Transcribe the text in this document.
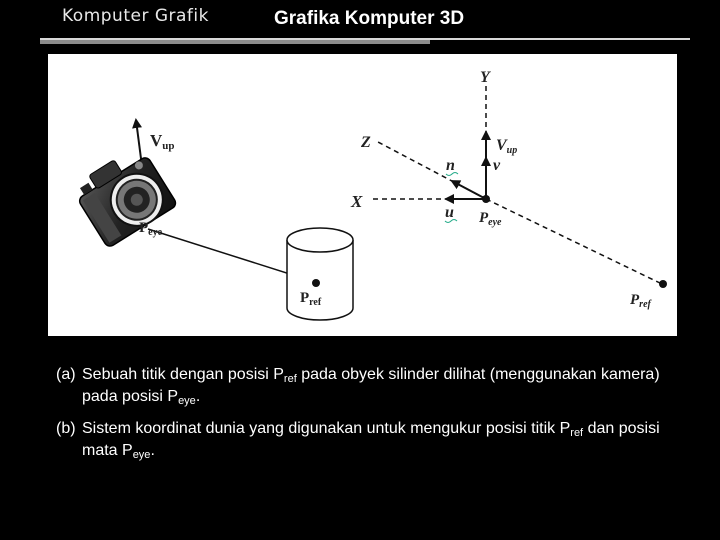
Komputer Grafik	Grafika Komputer 3D
Vup
$P_{eye}$
$P_{ref}$
Y
Z
X
Vup
n v
u $P_{eye}$
$P_{ref}$
(a) Sebuah titik dengan posisi $P_{ref}$ pada obyek silinder dilihat (menggunakan kamera) pada posisi $P_{eye}$.
(b) Sistem koordinat dunia yang digunakan untuk mengukur posisi titik $P_{ref}$ dan posisi mata $P_{eye}$.
